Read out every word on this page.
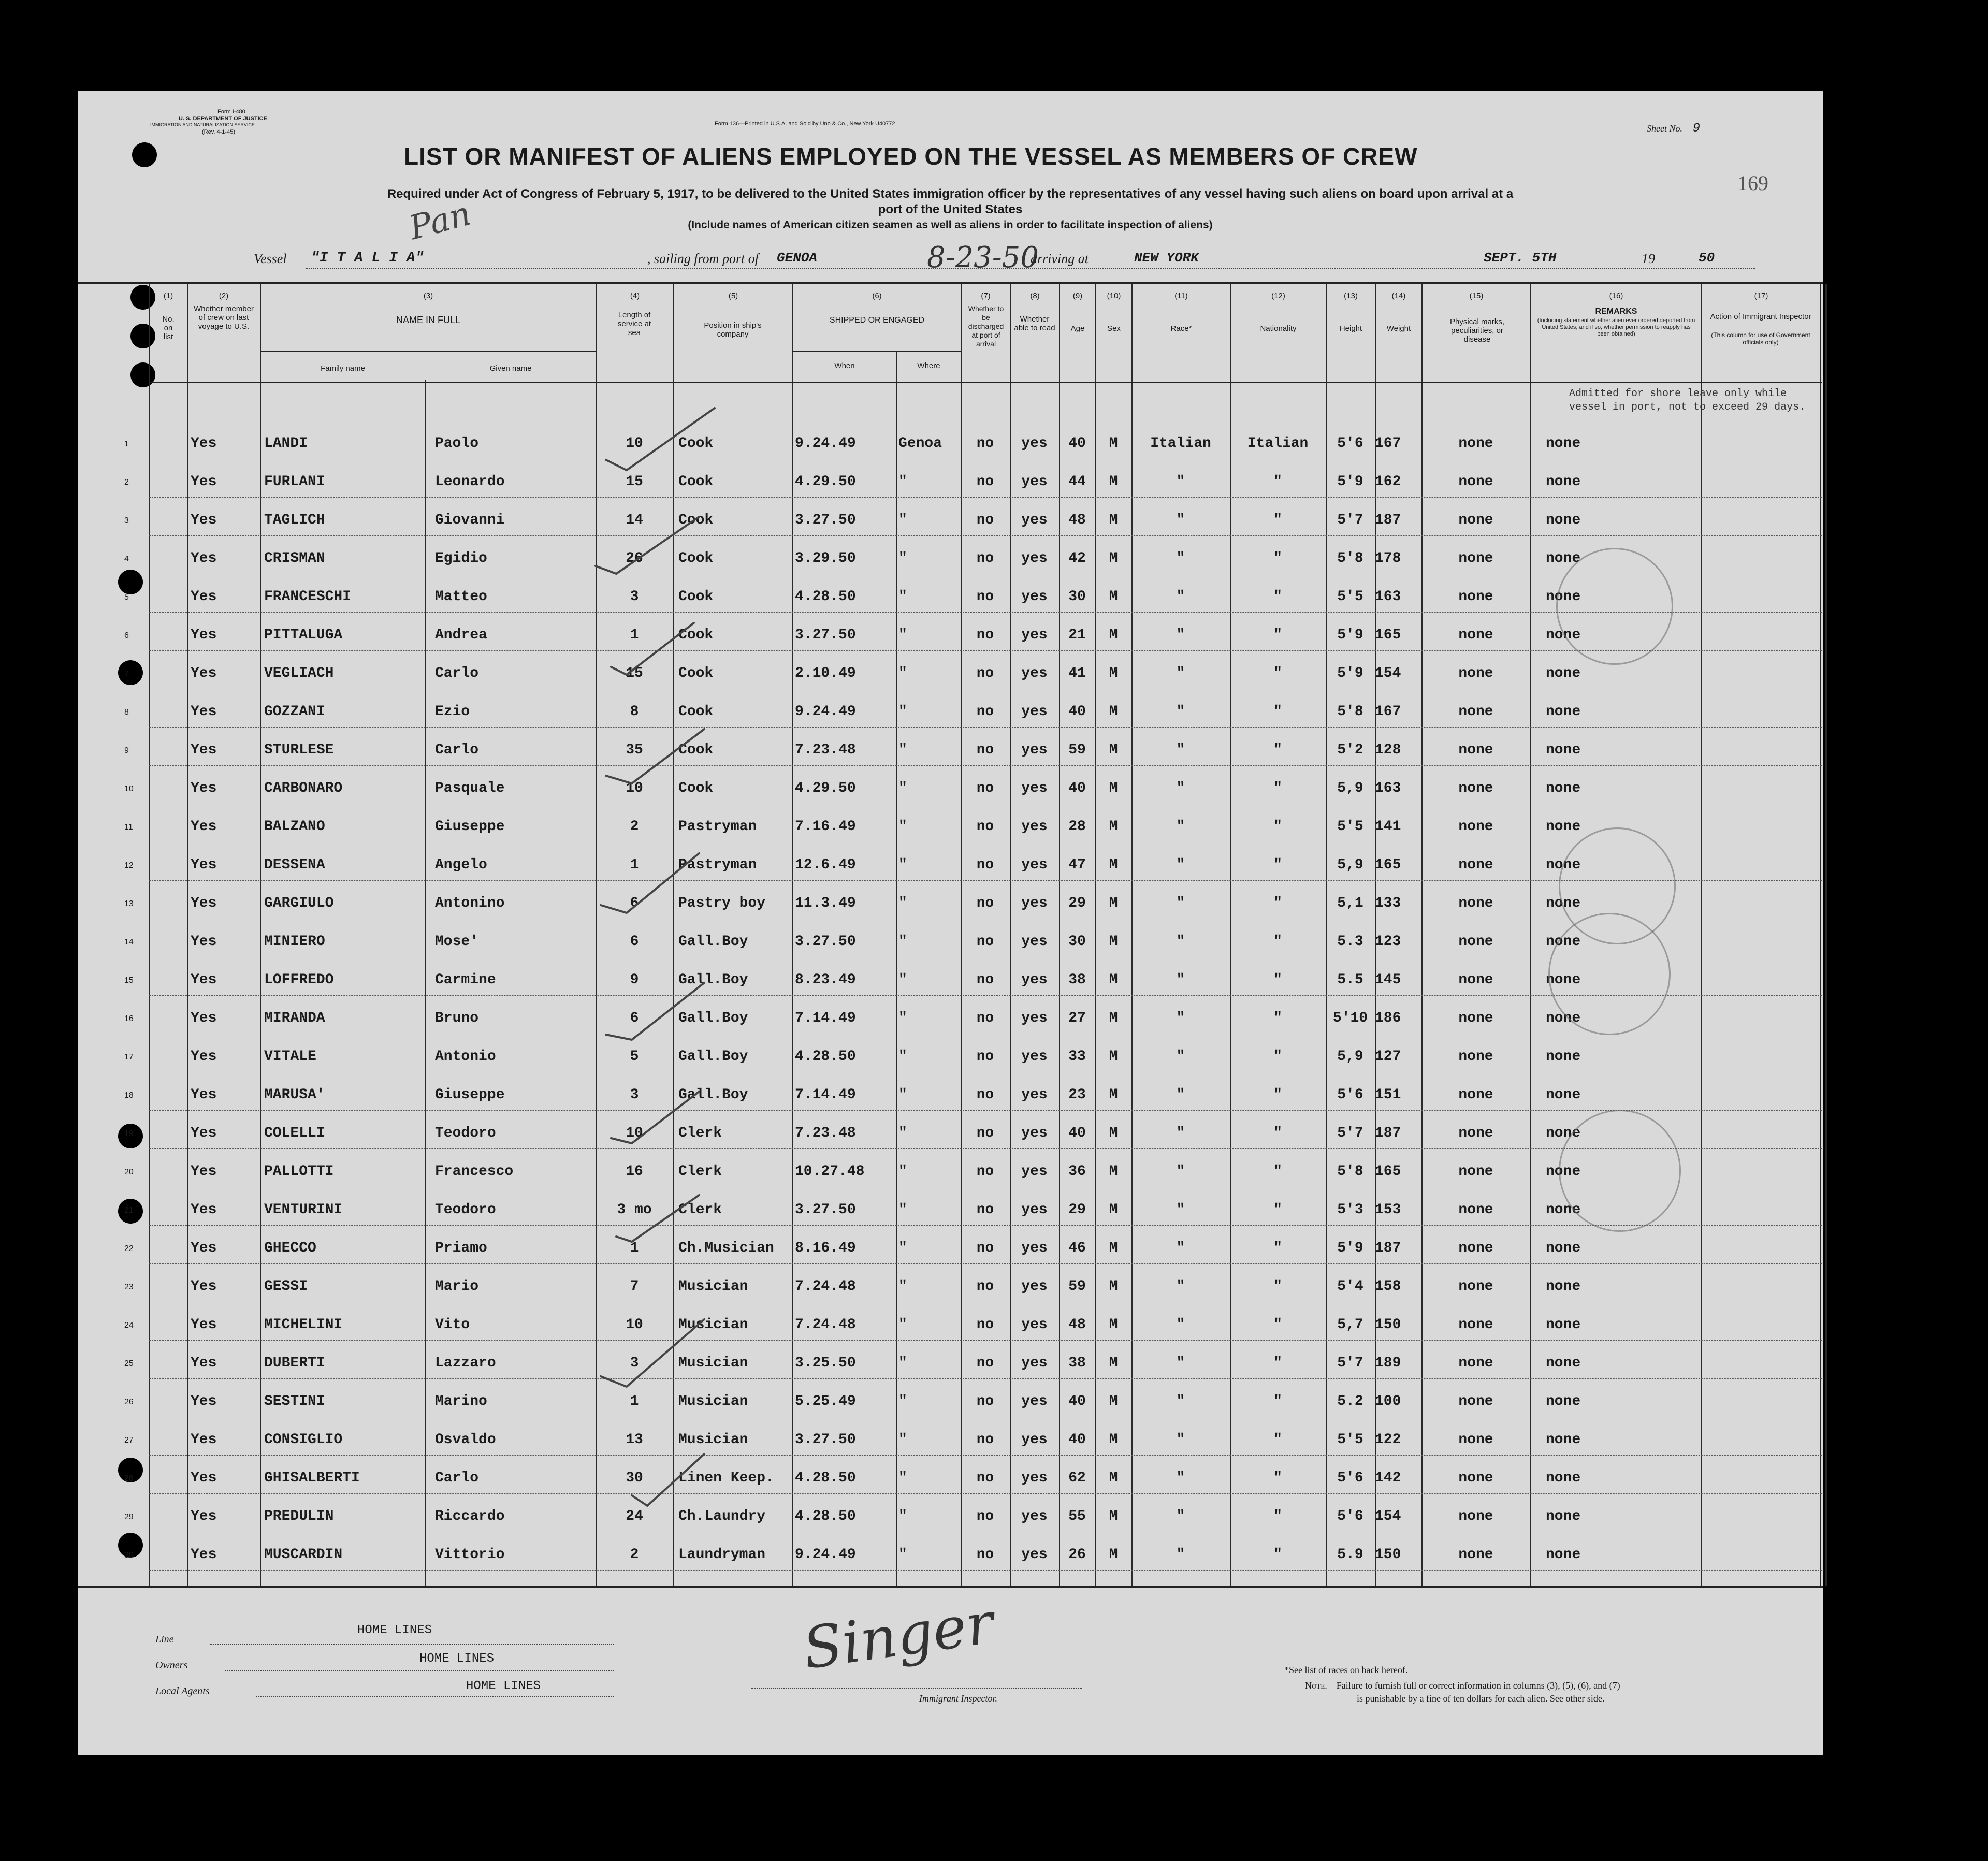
Form I-480
U. S. DEPARTMENT OF JUSTICE
IMMIGRATION AND NATURALIZATION SERVICE
(Rev. 4-1-45)
Form 136—Printed in U.S.A. and Sold by Uno & Co., New York U40772	Sheet No. 9
169
LIST OR MANIFEST OF ALIENS EMPLOYED ON THE VESSEL AS MEMBERS OF CREW
Required under Act of Congress of February 5, 1917, to be delivered to the United States immigration officer by the representatives of any vessel having such aliens on board upon arrival at a
port of the United States
(Include names of American citizen seamen as well as aliens in order to facilitate inspection of aliens)
Pan
Vessel "I T A L I A"	, sailing from port of GENOA	8-23-50
arriving at	NEW YORK	SEPT. 5TH	19	50
(1)
No. on list
(2)
Whether member of crew on last voyage to U.S.
(3)
NAME IN FULL
Family name	Given name
(4)
Length of service at sea
(5)
Position in ship's company
(6)
SHIPPED OR ENGAGED
When	Where
(7)
Whether to be discharged at port of arrival
(8)
Whether able to read
(9)
Age
(10)
Sex
(11)
Race*
(12)
Nationality
(13)
Height
(14)
Weight
(15)
Physical marks, peculiarities, or disease
(16)
REMARKS
(Including statement whether alien ever ordered deported from United States, and if so, whether permission to reapply has been obtained)
(17)
Action of Immigrant Inspector
(This column for use of Government officials only)
Admitted for shore leave only while vessel in port, not to exceed 29 days.
1	Yes	LANDI	Paolo	10	Cook	9.24.49	Genoa	no	yes	40	M	Italian	Italian	5'6 167	none	none
2	Yes	FURLANI	Leonardo	15	Cook	4.29.50	"	no	yes	44	M	"	"	5'9 162	none	none
3	Yes	TAGLICH	Giovanni	14	Cook	3.27.50	"	no	yes	48	M	"	"	5'7 187	none	none
4	Yes	CRISMAN	Egidio	26	Cook	3.29.50	"	no	yes	42	M	"	"	5'8 178	none	none
5	Yes	FRANCESCHI	Matteo	3	Cook	4.28.50	"	no	yes	30	M	"	"	5'5 163	none	none
6	Yes	PITTALUGA	Andrea	1	Cook	3.27.50	"	no	yes	21	M	"	"	5'9 165	none	none
7	Yes	VEGLIACH	Carlo	15	Cook	2.10.49	"	no	yes	41	M	"	"	5'9 154	none	none
8	Yes	GOZZANI	Ezio	8	Cook	9.24.49	"	no	yes	40	M	"	"	5'8 167	none	none
9	Yes	STURLESE	Carlo	35	Cook	7.23.48	"	no	yes	59	M	"	"	5'2 128	none	none
10	Yes	CARBONARO	Pasquale	10	Cook	4.29.50	"	no	yes	40	M	"	"	5,9 163	none	none
11	Yes	BALZANO	Giuseppe	2	Pastryman	7.16.49	"	no	yes	28	M	"	"	5'5 141	none	none
12	Yes	DESSENA	Angelo	1	Pastryman	12.6.49	"	no	yes	47	M	"	"	5,9 165	none	none
13	Yes	GARGIULO	Antonino	6	Pastry boy	11.3.49	"	no	yes	29	M	"	"	5,1 133	none	none
14	Yes	MINIERO	Mose'	6	Gall.Boy	3.27.50	"	no	yes	30	M	"	"	5.3 123	none	none
15	Yes	LOFFREDO	Carmine	9	Gall.Boy	8.23.49	"	no	yes	38	M	"	"	5.5 145	none	none
16	Yes	MIRANDA	Bruno	6	Gall.Boy	7.14.49	"	no	yes	27	M	"	"	5'10 186	none	none
17	Yes	VITALE	Antonio	5	Gall.Boy	4.28.50	"	no	yes	33	M	"	"	5,9 127	none	none
18	Yes	MARUSA'	Giuseppe	3	Gall.Boy	7.14.49	"	no	yes	23	M	"	"	5'6 151	none	none
19	Yes	COLELLI	Teodoro	10	Clerk	7.23.48	"	no	yes	40	M	"	"	5'7 187	none	none
20	Yes	PALLOTTI	Francesco	16	Clerk	10.27.48	"	no	yes	36	M	"	"	5'8 165	none	none
21	Yes	VENTURINI	Teodoro	3 mo	Clerk	3.27.50	"	no	yes	29	M	"	"	5'3 153	none	none
22	Yes	GHECCO	Priamo	1	Ch.Musician	8.16.49	"	no	yes	46	M	"	"	5'9 187	none	none
23	Yes	GESSI	Mario	7	Musician	7.24.48	"	no	yes	59	M	"	"	5'4 158	none	none
24	Yes	MICHELINI	Vito	10	Musician	7.24.48	"	no	yes	48	M	"	"	5,7 150	none	none
25	Yes	DUBERTI	Lazzaro	3	Musician	3.25.50	"	no	yes	38	M	"	"	5'7 189	none	none
26	Yes	SESTINI	Marino	1	Musician	5.25.49	"	no	yes	40	M	"	"	5.2 100	none	none
27	Yes	CONSIGLIO	Osvaldo	13	Musician	3.27.50	"	no	yes	40	M	"	"	5'5 122	none	none
28	Yes	GHISALBERTI	Carlo	30	Linen Keep.	4.28.50	"	no	yes	62	M	"	"	5'6 142	none	none
29	Yes	PREDULIN	Riccardo	24	Ch.Laundry	4.28.50	"	no	yes	55	M	"	"	5'6 154	none	none
30	Yes	MUSCARDIN	Vittorio	2	Laundryman	9.24.49	"	no	yes	26	M	"	"	5.9 150	none	none
Line
HOME LINES
Owners	HOME LINES
Local Agents	HOME LINES
Singer
Immigrant Inspector.
*See list of races on back hereof.
Note.—Failure to furnish full or correct information in columns (3), (5), (6), and (7)
is punishable by a fine of ten dollars for each alien. See other side.
